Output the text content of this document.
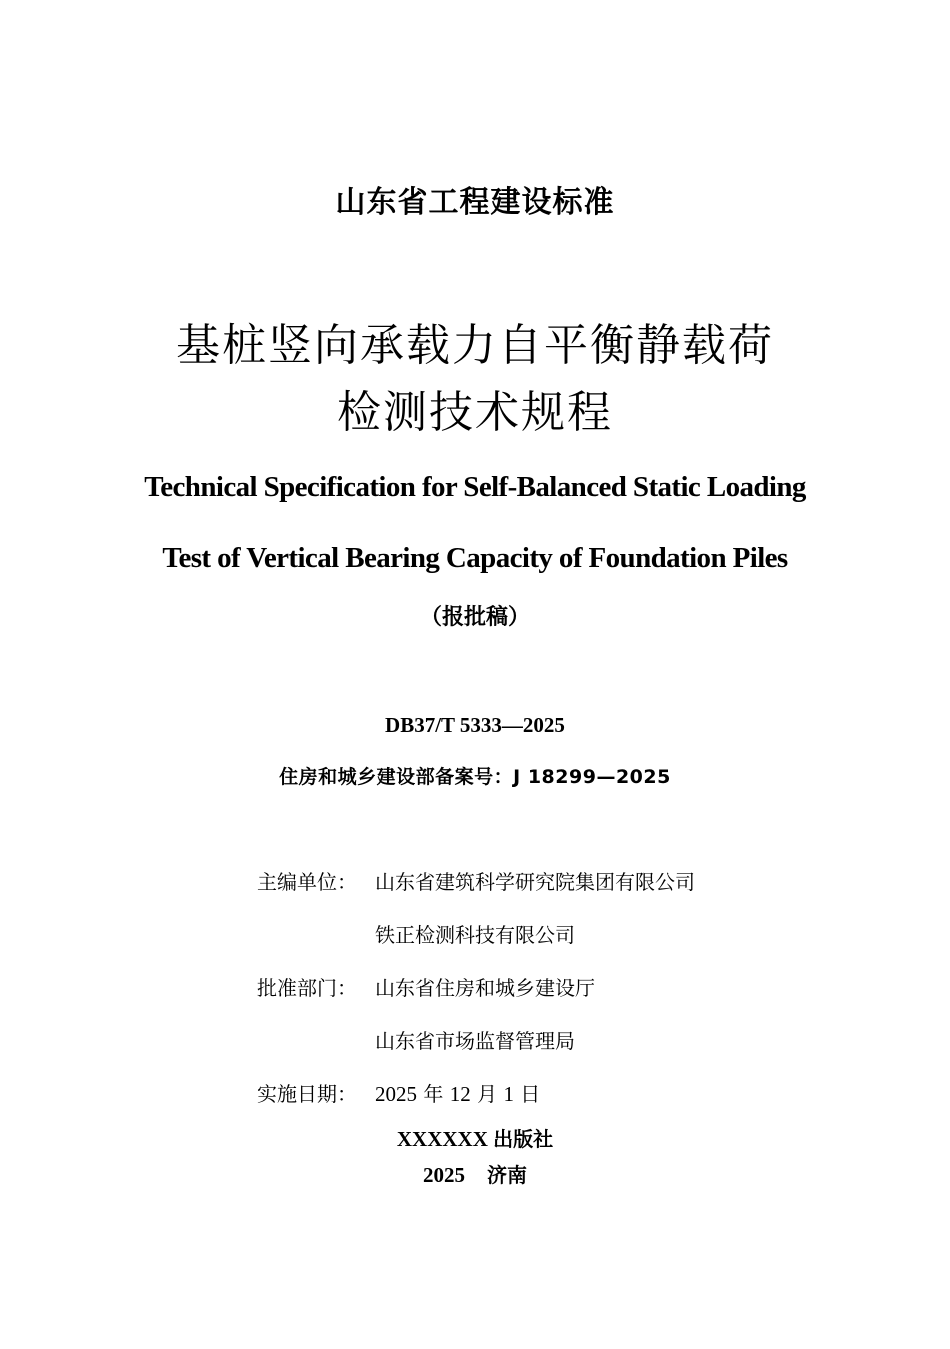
山东省工程建设标准
基桩竖向承载力自平衡静载荷
检测技术规程
Technical Specification for Self-Balanced Static Loading
Test of Vertical Bearing Capacity of Foundation Piles
（报批稿）
DB37/T 5333—2025
住房和城乡建设部备案号：J 18299—2025
主编单位： 山东省建筑科学研究院集团有限公司
铁正检测科技有限公司
批准部门： 山东省住房和城乡建设厅
山东省市场监督管理局
实施日期： 2025 年 12 月 1 日
XXXXXX 出版社
2025 济南
